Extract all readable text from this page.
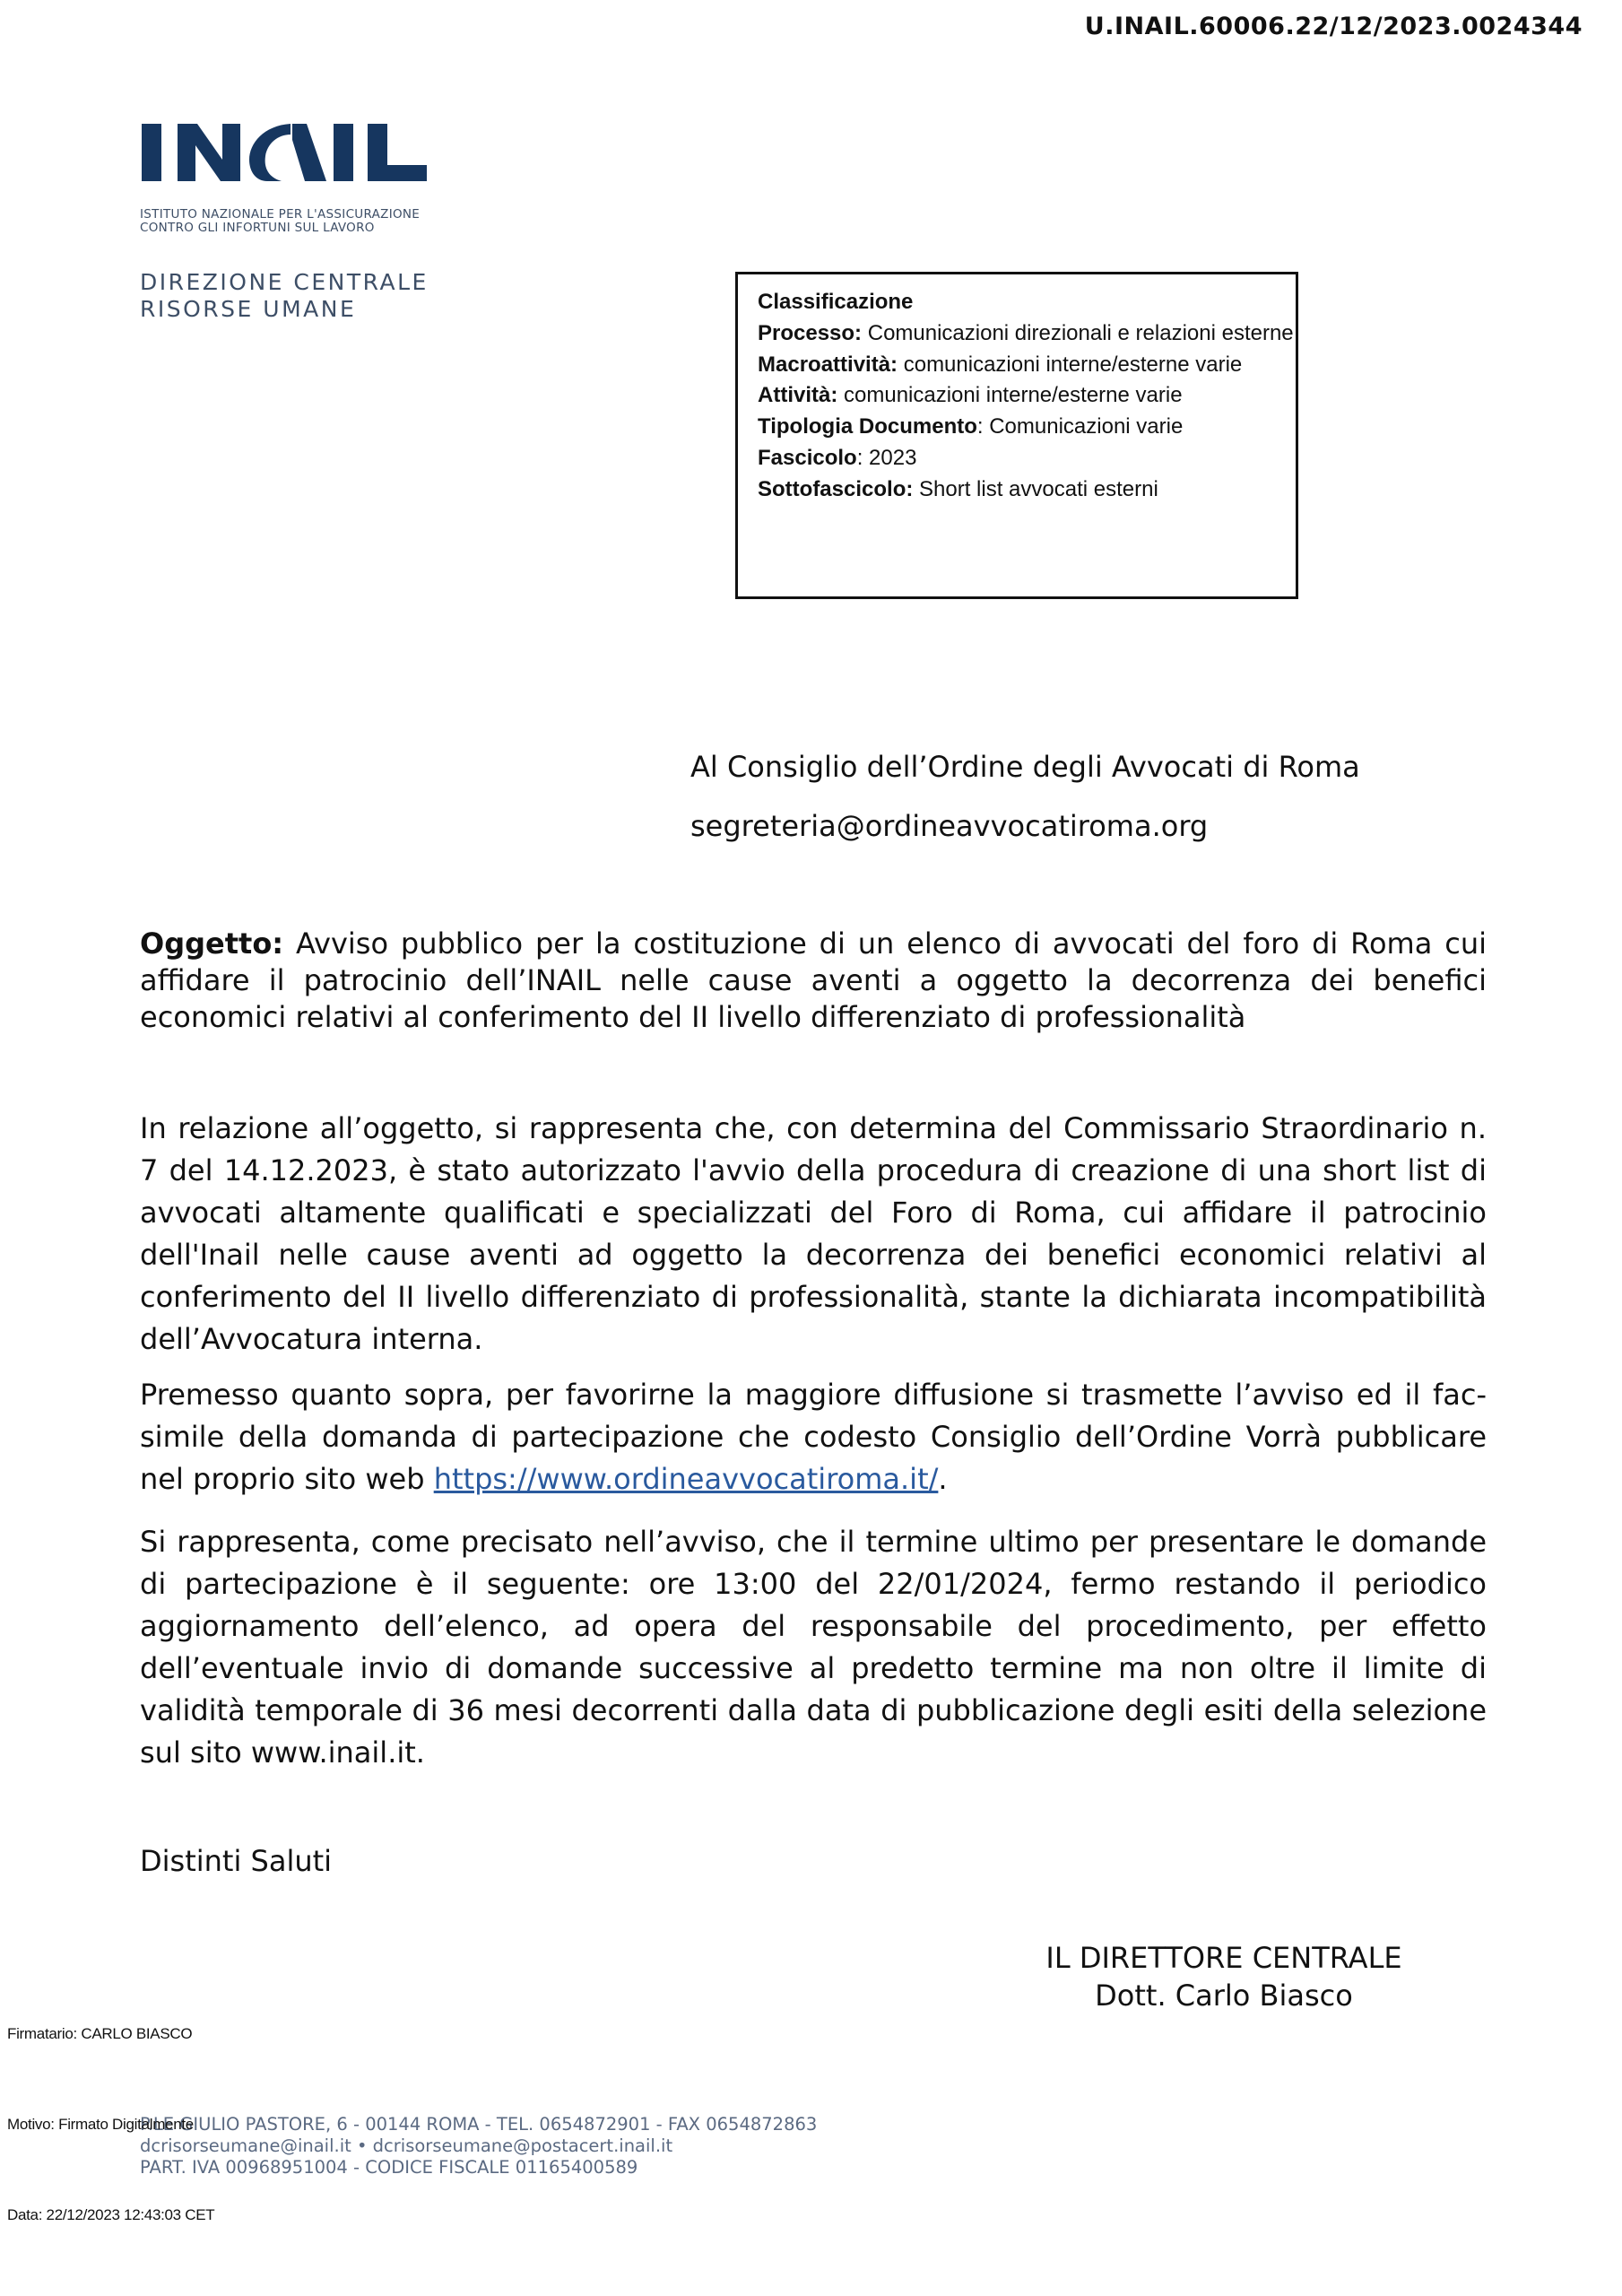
U.INAIL.60006.22/12/2023.0024344
ISTITUTO NAZIONALE PER L'ASSICURAZIONE
CONTRO GLI INFORTUNI SUL LAVORO
DIREZIONE CENTRALE
RISORSE UMANE	Classificazione
Processo: Comunicazioni direzionali e relazioni esterne
Macroattività: comunicazioni interne/esterne varie
Attività: comunicazioni interne/esterne varie
Tipologia Documento: Comunicazioni varie
Fascicolo: 2023
Sottofascicolo: Short list avvocati esterni
Al Consiglio dell’Ordine degli Avvocati di Roma
segreteria@ordineavvocatiroma.org
Oggetto: Avviso pubblico per la costituzione di un elenco di avvocati del foro di Roma cui affidare il patrocinio dell’INAIL nelle cause aventi a oggetto la decorrenza dei benefici economici relativi al conferimento del II livello differenziato di professionalità
In relazione all’oggetto, si rappresenta che, con determina del Commissario Straordinario n. 7 del 14.12.2023, è stato autorizzato l'avvio della procedura di creazione di una short list di avvocati altamente qualificati e specializzati del Foro di Roma, cui affidare il patrocinio dell'Inail nelle cause aventi ad oggetto la decorrenza dei benefici economici relativi al conferimento del II livello differenziato di professionalità, stante la dichiarata incompatibilità dell’Avvocatura interna.
Premesso quanto sopra, per favorirne la maggiore diffusione si trasmette l’avviso ed il fac-simile della domanda di partecipazione che codesto Consiglio dell’Ordine Vorrà pubblicare nel proprio sito web https://www.ordineavvocatiroma.it/.
Si rappresenta, come precisato nell’avviso, che il termine ultimo per presentare le domande di partecipazione è il seguente: ore 13:00 del 22/01/2024, fermo restando il periodico aggiornamento dell’elenco, ad opera del responsabile del procedimento, per effetto dell’eventuale invio di domande successive al predetto termine ma non oltre il limite di validità temporale di 36 mesi decorrenti dalla data di pubblicazione degli esiti della selezione sul sito www.inail.it.
Distinti Saluti
IL DIRETTORE CENTRALE
Dott. Carlo Biasco
Firmatario: CARLO BIASCO
P.LE GIULIO PASTORE, 6 - 00144 ROMA - TEL. 0654872901 - FAX 0654872863
dcrisorseumane@inail.it • dcrisorseumane@postacert.inail.it
PART. IVA 00968951004 - CODICE FISCALE 01165400589
Motivo: Firmato Digitalmente
Data: 22/12/2023 12:43:03 CET
